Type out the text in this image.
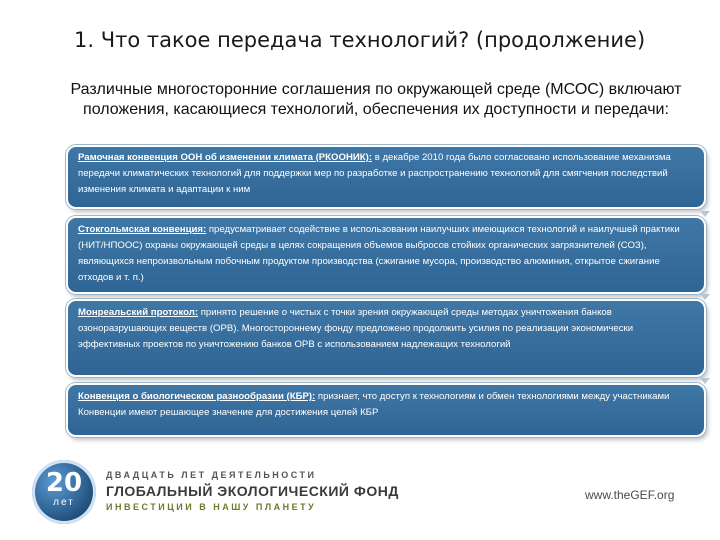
1. Что такое передача технологий? (продолжение)
Различные многосторонние соглашения по окружающей среде (МСОС) включают положения, касающиеся технологий, обеспечения их доступности и передачи:
Рамочная конвенция ООН об изменении климата (РКООНИК): в декабре 2010 года было согласовано использование механизма передачи климатических технологий для поддержки мер по разработке и распространению технологий для смягчения последствий изменения климата и адаптации к ним
Стокгольмская конвенция: предусматривает содействие в использовании наилучших имеющихся технологий и наилучшей практики (НИТ/НПООС) охраны окружающей среды в целях сокращения объемов выбросов стойких органических загрязнителей (СОЗ), являющихся непроизвольным побочным продуктом производства (сжигание мусора, производство алюминия, открытое сжигание отходов и т. п.)
Монреальский протокол: принято решение о чистых с точки зрения окружающей среды методах уничтожения банков озоноразрушающих веществ (ОРВ). Многостороннему фонду предложено продолжить усилия по реализации экономически эффективных проектов по уничтожению банков ОРВ с использованием надлежащих технологий
Конвенция о биологическом разнообразии (КБР): признает, что доступ к технологиям и обмен технологиями между участниками Конвенции имеют решающее значение для достижения целей КБР
20
лет
ДВАДЦАТЬ ЛЕТ ДЕЯТЕЛЬНОСТИ
ГЛОБАЛЬНЫЙ ЭКОЛОГИЧЕСКИЙ ФОНД
ИНВЕСТИЦИИ В НАШУ ПЛАНЕТУ
www.theGEF.org
